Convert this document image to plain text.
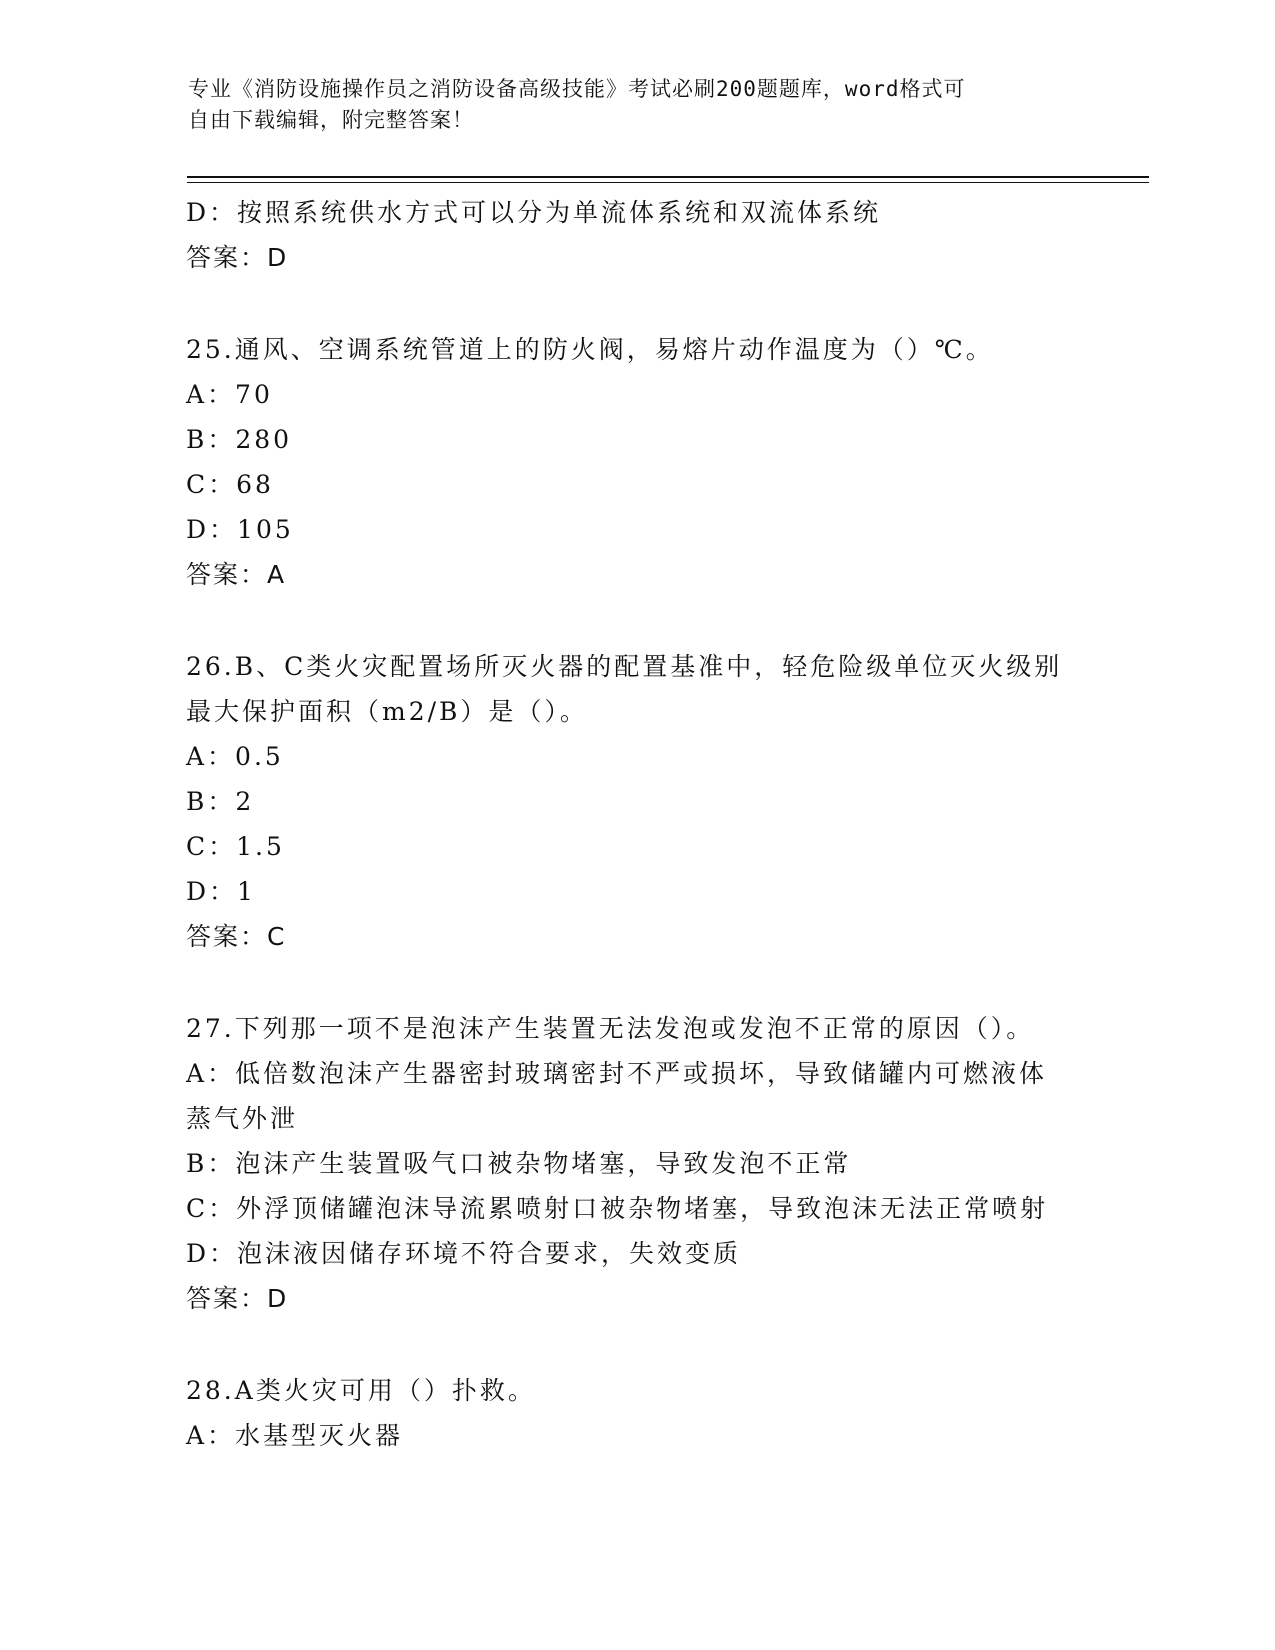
专业《消防设施操作员之消防设备高级技能》考试必刷200题题库，word格式可
自由下载编辑，附完整答案！
D：按照系统供水方式可以分为单流体系统和双流体系统
答案：D
25.通风、空调系统管道上的防火阀，易熔片动作温度为（）℃。
A：70
B：280
C：68
D：105
答案：A
26.B、C类火灾配置场所灭火器的配置基准中，轻危险级单位灭火级别
最大保护面积（m2/B）是（）。
A：0.5
B：2
C：1.5
D：1
答案：C
27.下列那一项不是泡沫产生装置无法发泡或发泡不正常的原因（）。
A：低倍数泡沫产生器密封玻璃密封不严或损坏，导致储罐内可燃液体
蒸气外泄
B：泡沫产生装置吸气口被杂物堵塞，导致发泡不正常
C：外浮顶储罐泡沫导流累喷射口被杂物堵塞，导致泡沫无法正常喷射
D：泡沫液因储存环境不符合要求，失效变质
答案：D
28.A类火灾可用（）扑救。
A：水基型灭火器
